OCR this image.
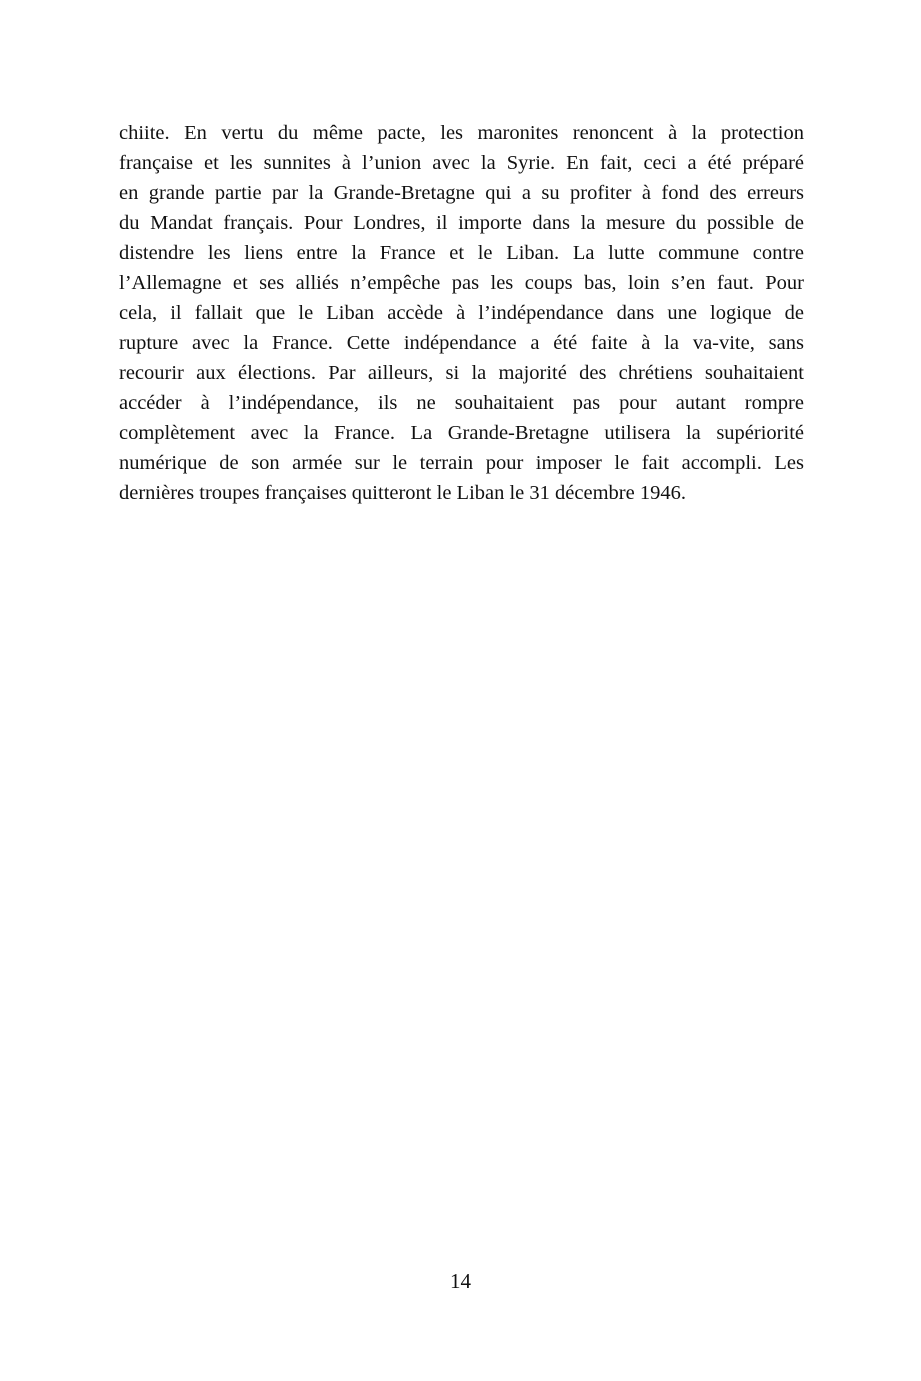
chiite. En vertu du même pacte, les maronites renoncent à la protection

française et les sunnites à l’union avec la Syrie. En fait, ceci a été préparé

en grande partie par la Grande-Bretagne qui a su profiter à fond des erreurs

du Mandat français. Pour Londres, il importe dans la mesure du possible de

distendre les liens entre la France et le Liban. La lutte commune contre

l’Allemagne et ses alliés n’empêche pas les coups bas, loin s’en faut. Pour

cela, il fallait que le Liban accède à l’indépendance dans une logique de

rupture avec la France. Cette indépendance a été faite à la va-vite, sans

recourir aux élections. Par ailleurs, si la majorité des chrétiens souhaitaient

accéder à l’indépendance, ils ne souhaitaient pas pour autant rompre

complètement avec la France. La Grande-Bretagne utilisera la supériorité

numérique de son armée sur le terrain pour imposer le fait accompli. Les

dernières troupes françaises quitteront le Liban le 31 décembre 1946.

14
